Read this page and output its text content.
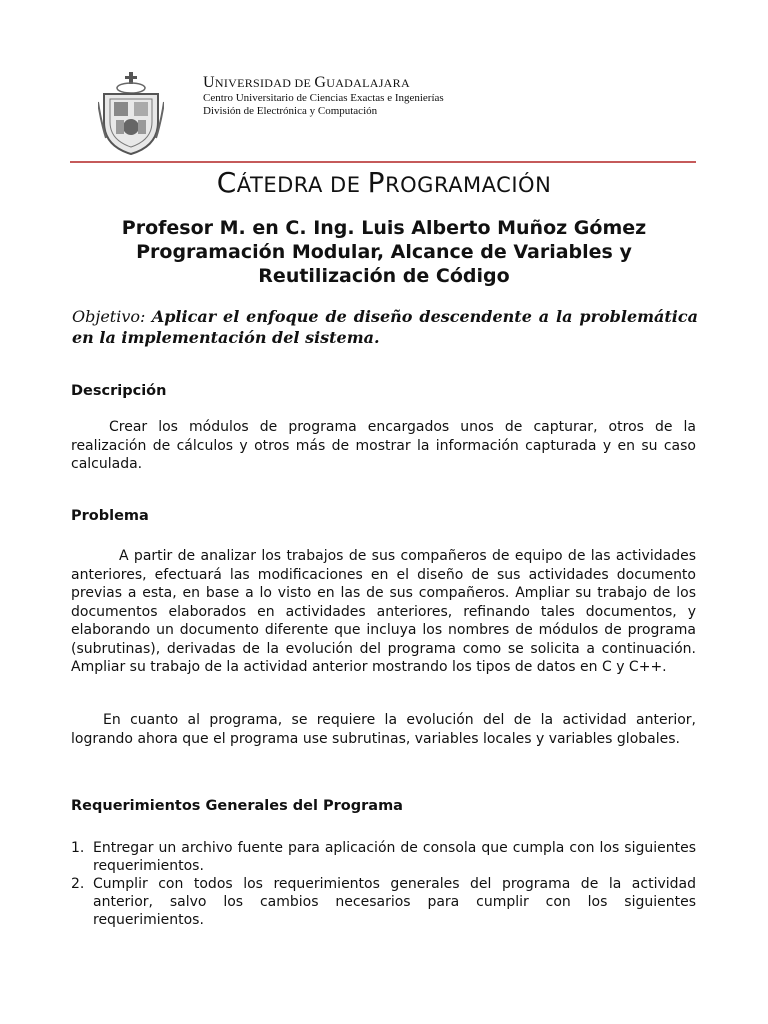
UNIVERSIDAD DE GUADALAJARA
Centro Universitario de Ciencias Exactas e Ingenierías
División de Electrónica y Computación
CÁTEDRA DE PROGRAMACIÓN
Profesor M. en C. Ing. Luis Alberto Muñoz Gómez
Programación Modular, Alcance de Variables y
Reutilización de Código
Objetivo: Aplicar el enfoque de diseño descendente a la problemática en la implementación del sistema.
Descripción

Crear los módulos de programa encargados unos de capturar, otros de la realización de cálculos y otros más de mostrar la información capturada y en su caso calculada.

Problema

A partir de analizar los trabajos de sus compañeros de equipo de las actividades anteriores, efectuará las modificaciones en el diseño de sus actividades documento previas a esta, en base a lo visto en las de sus compañeros. Ampliar su trabajo de los documentos elaborados en actividades anteriores, refinando tales documentos, y elaborando un documento diferente que incluya los nombres de módulos de programa (subrutinas), derivadas de la evolución del programa como se solicita a continuación. Ampliar su trabajo de la actividad anterior mostrando los tipos de datos en C y C++.

En cuanto al programa, se requiere la evolución del de la actividad anterior, logrando ahora que el programa use subrutinas, variables locales y variables globales.

Requerimientos Generales del Programa
1. Entregar un archivo fuente para aplicación de consola que cumpla con los siguientes requerimientos.
2. Cumplir con todos los requerimientos generales del programa de la actividad anterior, salvo los cambios necesarios para cumplir con los siguientes requerimientos.
